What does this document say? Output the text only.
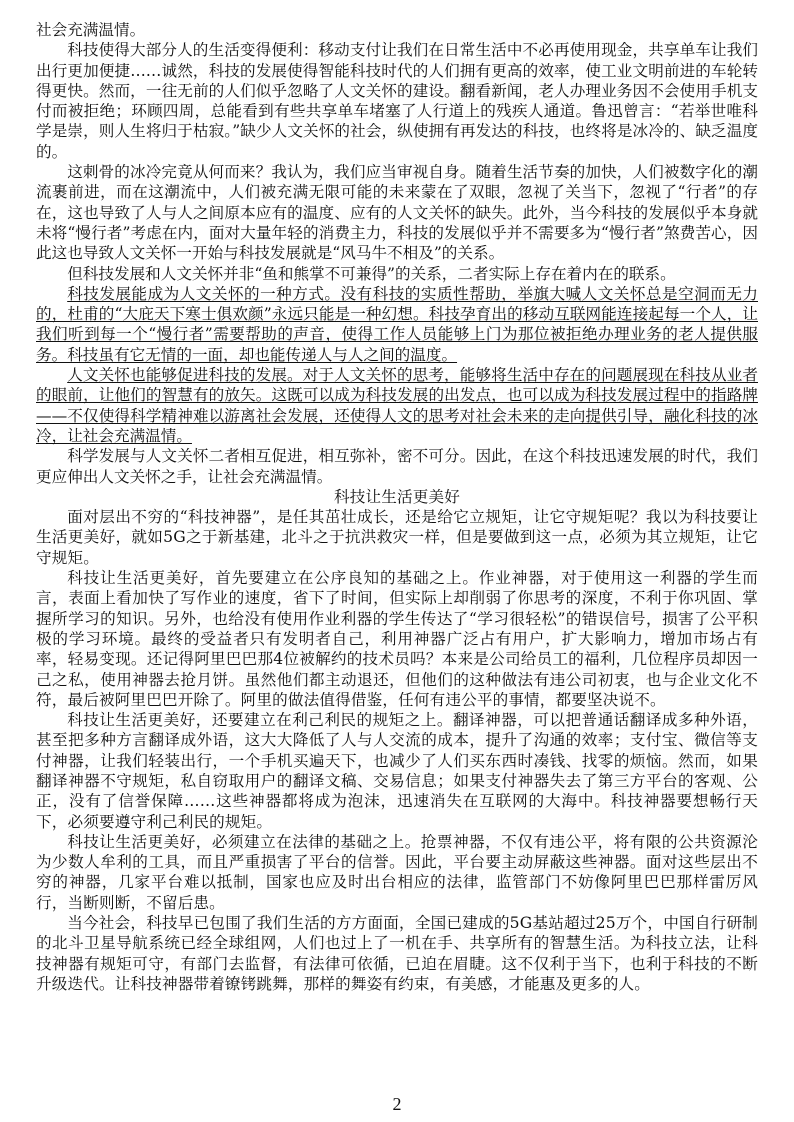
社会充满温情。

科技使得大部分人的生活变得便利：移动支付让我们在日常生活中不必再使用现金，共享单车让我们出行更加便捷……诚然，科技的发展使得智能科技时代的人们拥有更高的效率，使工业文明前进的车轮转得更快。然而，一往无前的人们似乎忽略了人文关怀的建设。翻看新闻，老人办理业务因不会使用手机支付而被拒绝；环顾四周，总能看到有些共享单车堵塞了人行道上的残疾人通道。鲁迅曾言：“若举世唯科学是崇，则人生将归于枯寂。”缺少人文关怀的社会，纵使拥有再发达的科技，也终将是冰冷的、缺乏温度的。

这刺骨的冰冷完竟从何而来？我认为，我们应当审视自身。随着生活节奏的加快，人们被数字化的潮流裹前进，而在这潮流中，人们被充满无限可能的未来蒙在了双眼，忽视了关当下，忽视了“行者”的存在，这也导致了人与人之间原本应有的温度、应有的人文关怀的缺失。此外，当今科技的发展似乎本身就未将“慢行者”考虑在内，面对大量年轻的消费主力，科技的发展似乎并不需要多为“慢行者”煞费苦心，因此这也导致人文关怀一开始与科技发展就是“风马牛不相及”的关系。

但科技发展和人文关怀并非“鱼和熊掌不可兼得”的关系，二者实际上存在着内在的联系。

科技发展能成为人文关怀的一种方式。没有科技的实质性帮助，举旗大喊人文关怀总是空洞而无力的，杜甫的“大庇天下寒士俱欢颜”永远只能是一种幻想。科技孕育出的移动互联网能连接起每一个人，让我们听到每一个“慢行者”需要帮助的声音，使得工作人员能够上门为那位被拒绝办理业务的老人提供服务。科技虽有它无情的一面，却也能传递人与人之间的温度。

人文关怀也能够促进科技的发展。对于人文关怀的思考，能够将生活中存在的问题展现在科技从业者的眼前，让他们的智慧有的放矢。这既可以成为科技发展的出发点，也可以成为科技发展过程中的指路牌——不仅使得科学精神难以游离社会发展，还使得人文的思考对社会未来的走向提供引导，融化科技的冰冷，让社会充满温情。

科学发展与人文关怀二者相互促进，相互弥补，密不可分。因此，在这个科技迅速发展的时代，我们更应伸出人文关怀之手，让社会充满温情。

科技让生活更美好

面对层出不穷的“科技神器”，是任其茁壮成长，还是给它立规矩，让它守规矩呢？我以为科技要让生活更美好，就如5G之于新基建，北斗之于抗洪救灾一样，但是要做到这一点，必须为其立规矩，让它守规矩。

科技让生活更美好，首先要建立在公序良知的基础之上。作业神器，对于使用这一利器的学生而言，表面上看加快了写作业的速度，省下了时间，但实际上却削弱了你思考的深度，不利于你巩固、掌握所学习的知识。另外，也给没有使用作业利器的学生传达了“学习很轻松”的错误信号，损害了公平积极的学习环境。最终的受益者只有发明者自己，利用神器广泛占有用户，扩大影响力，增加市场占有率，轻易变现。还记得阿里巴巴那4位被解约的技术员吗？本来是公司给员工的福利，几位程序员却因一己之私，使用神器去抢月饼。虽然他们都主动退还，但他们的这种做法有违公司初衷，也与企业文化不符，最后被阿里巴巴开除了。阿里的做法值得借鉴，任何有违公平的事情，都要坚决说不。

科技让生活更美好，还要建立在利己利民的规矩之上。翻译神器，可以把普通话翻译成多种外语，甚至把多种方言翻译成外语，这大大降低了人与人交流的成本，提升了沟通的效率；支付宝、微信等支付神器，让我们轻装出行，一个手机买遍天下，也减少了人们买东西时凑钱、找零的烦恼。然而，如果翻译神器不守规矩，私自窃取用户的翻译文稿、交易信息；如果支付神器失去了第三方平台的客观、公正，没有了信誉保障……这些神器都将成为泡沫，迅速消失在互联网的大海中。科技神器要想畅行天下，必须要遵守利己利民的规矩。

科技让生活更美好，必须建立在法律的基础之上。抢票神器，不仅有违公平，将有限的公共资源沦为少数人牟利的工具，而且严重损害了平台的信誉。因此，平台要主动屏蔽这些神器。面对这些层出不穷的神器，几家平台难以抵制，国家也应及时出台相应的法律，监管部门不妨像阿里巴巴那样雷厉风行，当断则断，不留后患。

当今社会，科技早已包围了我们生活的方方面面，全国已建成的5G基站超过25万个，中国自行研制的北斗卫星导航系统已经全球组网，人们也过上了一机在手、共享所有的智慧生活。为科技立法，让科技神器有规矩可守，有部门去监督，有法律可依循，已迫在眉睫。这不仅利于当下，也利于科技的不断升级迭代。让科技神器带着镣铐跳舞，那样的舞姿有约束，有美感，才能惠及更多的人。

2
